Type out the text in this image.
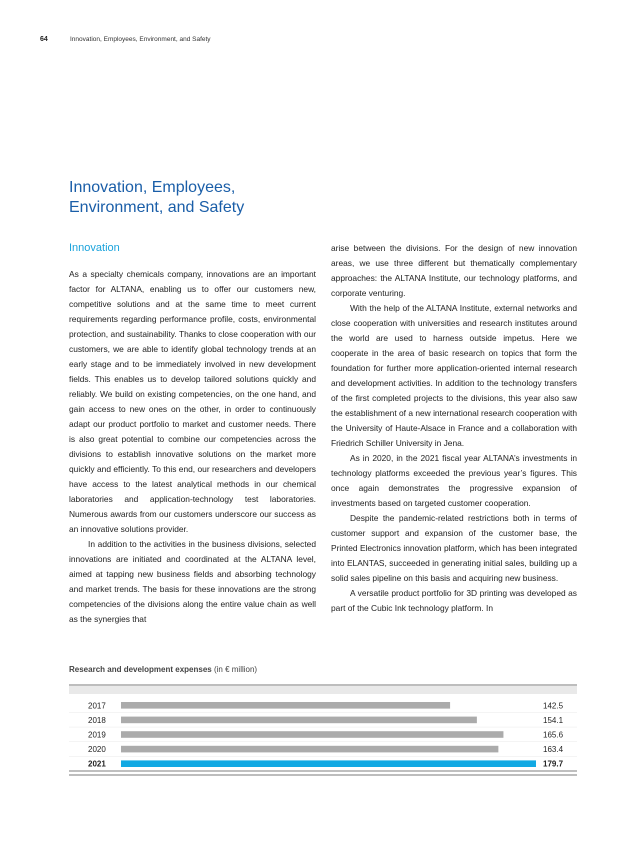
64	Innovation, Employees, Environment, and Safety
Innovation, Employees, Environment, and Safety
Innovation

As a specialty chemicals company, innovations are an important factor for ALTANA, enabling us to offer our customers new, competitive solutions and at the same time to meet current requirements regarding performance profile, costs, environmental protection, and sustainability. Thanks to close cooperation with our customers, we are able to identify global technology trends at an early stage and to be immediately involved in new development fields. This enables us to develop tailored solutions quickly and reliably. We build on existing competencies, on the one hand, and gain access to new ones on the other, in order to continuously adapt our product portfolio to market and customer needs. There is also great potential to combine our competencies across the divisions to establish innovative solutions on the market more quickly and efficiently. To this end, our researchers and developers have access to the latest analytical methods in our chemical laboratories and application-technology test laboratories. Numerous awards from our customers underscore our success as an innovative solutions provider.

In addition to the activities in the business divisions, selected innovations are initiated and coordinated at the ALTANA level, aimed at tapping new business fields and absorbing technology and market trends. The basis for these innovations are the strong competencies of the divisions along the entire value chain as well as the synergies that

arise between the divisions. For the design of new innovation areas, we use three different but thematically complementary approaches: the ALTANA Institute, our technology platforms, and corporate venturing.

With the help of the ALTANA Institute, external networks and close cooperation with universities and research institutes around the world are used to harness outside impetus. Here we cooperate in the area of basic research on topics that form the foundation for further more application-oriented internal research and development activities. In addition to the technology transfers of the first completed projects to the divisions, this year also saw the establishment of a new international research cooperation with the University of Haute-Alsace in France and a collaboration with Friedrich Schiller University in Jena.

As in 2020, in the 2021 fiscal year ALTANA’s investments in technology platforms exceeded the previous year’s figures. This once again demonstrates the progressive expansion of investments based on targeted customer cooperation.

Despite the pandemic-related restrictions both in terms of customer support and expansion of the customer base, the Printed Electronics innovation platform, which has been integrated into ELANTAS, succeeded in generating initial sales, building up a solid sales pipeline on this basis and acquiring new business.

A versatile product portfolio for 3D printing was developed as part of the Cubic Ink technology platform. In

Research and development expenses (in € million)
2017	142.5
2018	154.1
2019	165.6
2020	163.4
2021	179.7
